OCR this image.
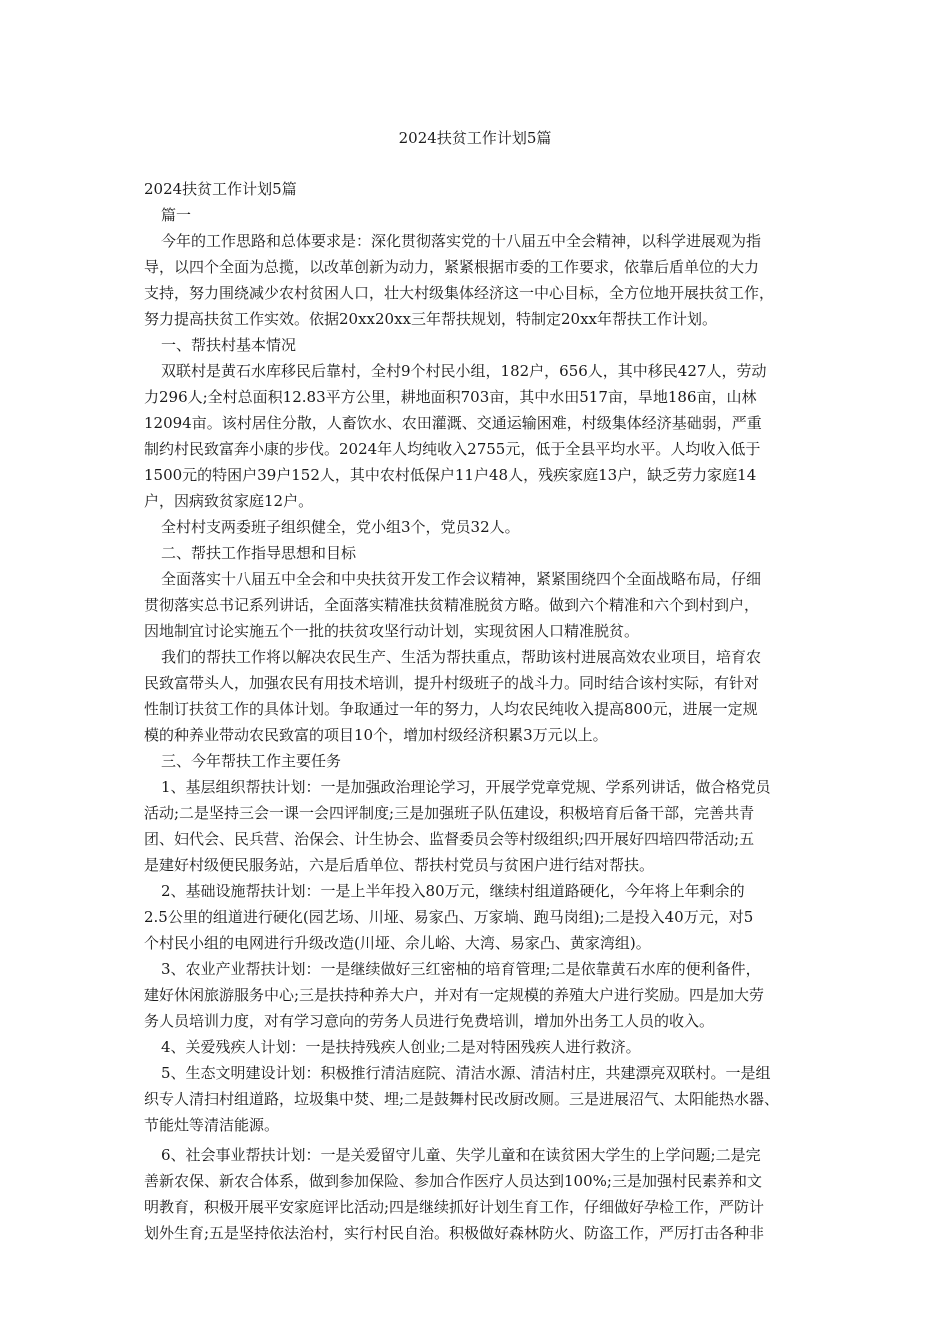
2024扶贫工作计划5篇
2024扶贫工作计划5篇
篇一
今年的工作思路和总体要求是：深化贯彻落实党的十八届五中全会精神，以科学进展观为指
导，以四个全面为总揽，以改革创新为动力，紧紧根据市委的工作要求，依靠后盾单位的大力
支持，努力围绕减少农村贫困人口，壮大村级集体经济这一中心目标，全方位地开展扶贫工作，
努力提高扶贫工作实效。依据20xx20xx三年帮扶规划，特制定20xx年帮扶工作计划。
一、帮扶村基本情况
双联村是黄石水库移民后靠村，全村9个村民小组，182户，656人，其中移民427人，劳动
力296人;全村总面积12.83平方公里，耕地面积703亩，其中水田517亩，旱地186亩，山林
12094亩。该村居住分散，人畜饮水、农田灌溉、交通运输困难，村级集体经济基础弱，严重
制约村民致富奔小康的步伐。2024年人均纯收入2755元，低于全县平均水平。人均收入低于
1500元的特困户39户152人，其中农村低保户11户48人，残疾家庭13户，缺乏劳力家庭14
户，因病致贫家庭12户。
全村村支两委班子组织健全，党小组3个，党员32人。
二、帮扶工作指导思想和目标
全面落实十八届五中全会和中央扶贫开发工作会议精神，紧紧围绕四个全面战略布局，仔细
贯彻落实总书记系列讲话，全面落实精准扶贫精准脱贫方略。做到六个精准和六个到村到户，
因地制宜讨论实施五个一批的扶贫攻坚行动计划，实现贫困人口精准脱贫。
我们的帮扶工作将以解决农民生产、生活为帮扶重点，帮助该村进展高效农业项目，培育农
民致富带头人，加强农民有用技术培训，提升村级班子的战斗力。同时结合该村实际，有针对
性制订扶贫工作的具体计划。争取通过一年的努力，人均农民纯收入提高800元，进展一定规
模的种养业带动农民致富的项目10个，增加村级经济积累3万元以上。
三、今年帮扶工作主要任务
1、基层组织帮扶计划：一是加强政治理论学习，开展学党章党规、学系列讲话，做合格党员
活动;二是坚持三会一课一会四评制度;三是加强班子队伍建设，积极培育后备干部，完善共青
团、妇代会、民兵营、治保会、计生协会、监督委员会等村级组织;四开展好四培四带活动;五
是建好村级便民服务站，六是后盾单位、帮扶村党员与贫困户进行结对帮扶。
2、基础设施帮扶计划：一是上半年投入80万元，继续村组道路硬化，今年将上年剩余的
2.5公里的组道进行硬化(园艺场、川垭、易家凸、万家埫、跑马岗组);二是投入40万元，对5
个村民小组的电网进行升级改造(川垭、佘儿峪、大湾、易家凸、黄家湾组)。
3、农业产业帮扶计划：一是继续做好三红密柚的培育管理;二是依靠黄石水库的便利备件，
建好休闲旅游服务中心;三是扶持种养大户，并对有一定规模的养殖大户进行奖励。四是加大劳
务人员培训力度，对有学习意向的劳务人员进行免费培训，增加外出务工人员的收入。
4、关爱残疾人计划：一是扶持残疾人创业;二是对特困残疾人进行救济。
5、生态文明建设计划：积极推行清洁庭院、清洁水源、清洁村庄，共建漂亮双联村。一是组
织专人清扫村组道路，垃圾集中焚、埋;二是鼓舞村民改厨改厕。三是进展沼气、太阳能热水器、
节能灶等清洁能源。
6、社会事业帮扶计划：一是关爱留守儿童、失学儿童和在读贫困大学生的上学问题;二是完
善新农保、新农合体系，做到参加保险、参加合作医疗人员达到100%;三是加强村民素养和文
明教育，积极开展平安家庭评比活动;四是继续抓好计划生育工作，仔细做好孕检工作，严防计
划外生育;五是坚持依法治村，实行村民自治。积极做好森林防火、防盗工作，严厉打击各种非
